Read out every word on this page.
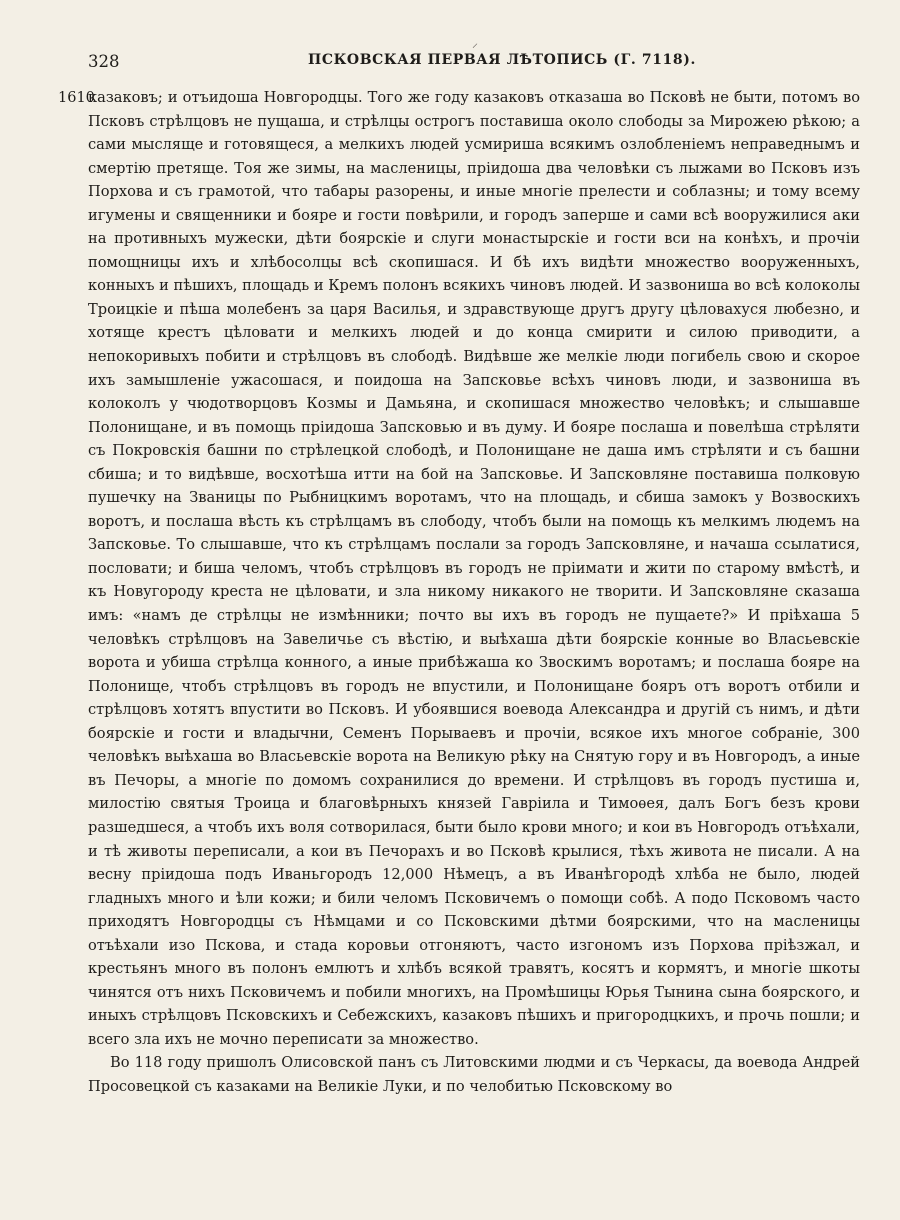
328	ПСКОВСКАЯ ПЕРВАЯ ЛѢТОПИСЬ (Г. 7118).
1610

казаковъ; и отъидоша Новгородцы. Того же году казаковъ отказаша во Псковѣ не быти, потомъ во Псковъ стрѣлцовъ не пущаша, и стрѣлцы острогъ поставиша около слободы за Мирожею рѣкою; а сами мыслящe и готовящеся, а мелкихъ людей усмириша всякимъ озлобленіемъ неправеднымъ и смертію претяще. Тоя же зимы, на масленицы, пріидоша два человѣки съ лыжами во Псковъ изъ Порхова и съ грамотой, что табары разорены, и иные многіе прелести и соблазны; и тому всему игумены и священники и бояре и гости повѣрили, и городъ заперше и сами всѣ вооружилися аки на противныхъ мужески, дѣти боярскіе и слуги монастырскіе и гости вси на конѣхъ, и прочіи помощницы ихъ и хлѣбосолцы всѣ скопишася. И бѣ ихъ видѣти множество вооруженныхъ, конныхъ и пѣшихъ, площадь и Кремъ полонъ всякихъ чиновъ людей. И зазвониша во всѣ колоколы Троицкіе и пѣша молебенъ за царя Василья, и здравствующе другъ другу цѣловахуся любезно, и хотяще крестъ цѣловати и мелкихъ людей и до конца смирити и силою приводити, а непокоривыхъ побити и стрѣлцовъ въ слободѣ. Видѣвше же мелкіе люди погибель свою и скорое ихъ замышленіе ужасошася, и поидоша на Запсковье всѣхъ чиновъ люди, и зазвониша въ колоколъ у чюдотворцовъ Козмы и Дамьяна, и скопишася множество человѣкъ; и слышавше Полонищане, и въ помощь пріидоша Запсковью и въ думу. И бояре послаша и повелѣша стрѣляти съ Покровскія башни по стрѣлецкой слободѣ, и Полонищане не даша имъ стрѣляти и съ башни сбиша; и то видѣвше, восхотѣша итти на бой на Запсковье. И Запсковляне поставиша полковую пушечку на Званицы по Рыбницкимъ воротамъ, что на площадь, и сбиша замокъ у Возвоскихъ воротъ, и послаша вѣсть къ стрѣлцамъ въ слободу, чтобъ были на помощь къ мелкимъ людемъ на Запсковье. То слышавше, что къ стрѣлцамъ послали за городъ Запсковляне, и начаша ссылатися, пословати; и биша челомъ, чтобъ стрѣлцовъ въ городъ не пріимати и жити по старому вмѣстѣ, и къ Новугороду креста не цѣловати, и зла никому никакого не творити. И Запсковляне сказаша имъ: «намъ де стрѣлцы не измѣнники; почто вы ихъ въ городъ не пущаете?» И пріѣхаша 5 человѣкъ стрѣлцовъ на Завеличье съ вѣстію, и выѣхаша дѣти боярскіе конные во Власьевскіе ворота и убиша стрѣлца конного, а иные прибѣжаша ко Звоскимъ воротамъ; и послаша бояре на Полонище, чтобъ стрѣлцовъ въ городъ не впустили, и Полонищане бояръ отъ воротъ отбили и стрѣлцовъ хотятъ впустити во Псковъ. И убоявшися воевода Александра и другій съ нимъ, и дѣти боярскіе и гости и владычни, Семенъ Порываевъ и прочіи, всякое ихъ многое собраніе, 300 человѣкъ выѣхаша во Власьевскіе ворота на Великую рѣку на Снятую гору и въ Новгородъ, а иные въ Печоры, а многіе по домомъ сохранилися до времени. И стрѣлцовъ въ городъ пустиша и, милостію святыя Троица и благовѣрныхъ князей Гавріила и Тимоѳея, далъ Богъ безъ крови разшедшеся, а чтобъ ихъ воля сотворилася, быти было крови много; и кои въ Новгородъ отъѣхали, и тѣ животы переписали, а кои въ Печорахъ и во Псковѣ крылися, тѣхъ живота не писали. А на весну пріидоша подъ Иваньгородъ 12,000 Нѣмецъ, а въ Иванѣгородѣ хлѣба не было, людей гладныхъ много и ѣли кожи; и били челомъ Псковичемъ о помощи собѣ. А подо Псковомъ часто приходятъ Новгородцы съ Нѣмцами и со Псковскими дѣтми боярскими, что на масленицы отъѣхали изо Пскова, и стада коровьи отгоняютъ, часто изгономъ изъ Порхова пріѣзжал, и крестьянъ много въ полонъ емлютъ и хлѣбъ всякой травятъ, косятъ и кормятъ, и многіе шкоты чинятся отъ нихъ Псковичемъ и побили многихъ, на Промѣшицы Юрья Тынина сына боярского, и иныхъ стрѣлцовъ Псковскихъ и Себежскихъ, казаковъ пѣшихъ и пригородцкихъ, и прочь пошли; и всего зла ихъ не мочно переписати за множество.

Во 118 году пришолъ Олисовской панъ съ Литовскими людми и съ Черкасы, да воевода Андрей Просовецкой съ казаками на Великіе Луки, и по челобитью Псковскому во

⸝
